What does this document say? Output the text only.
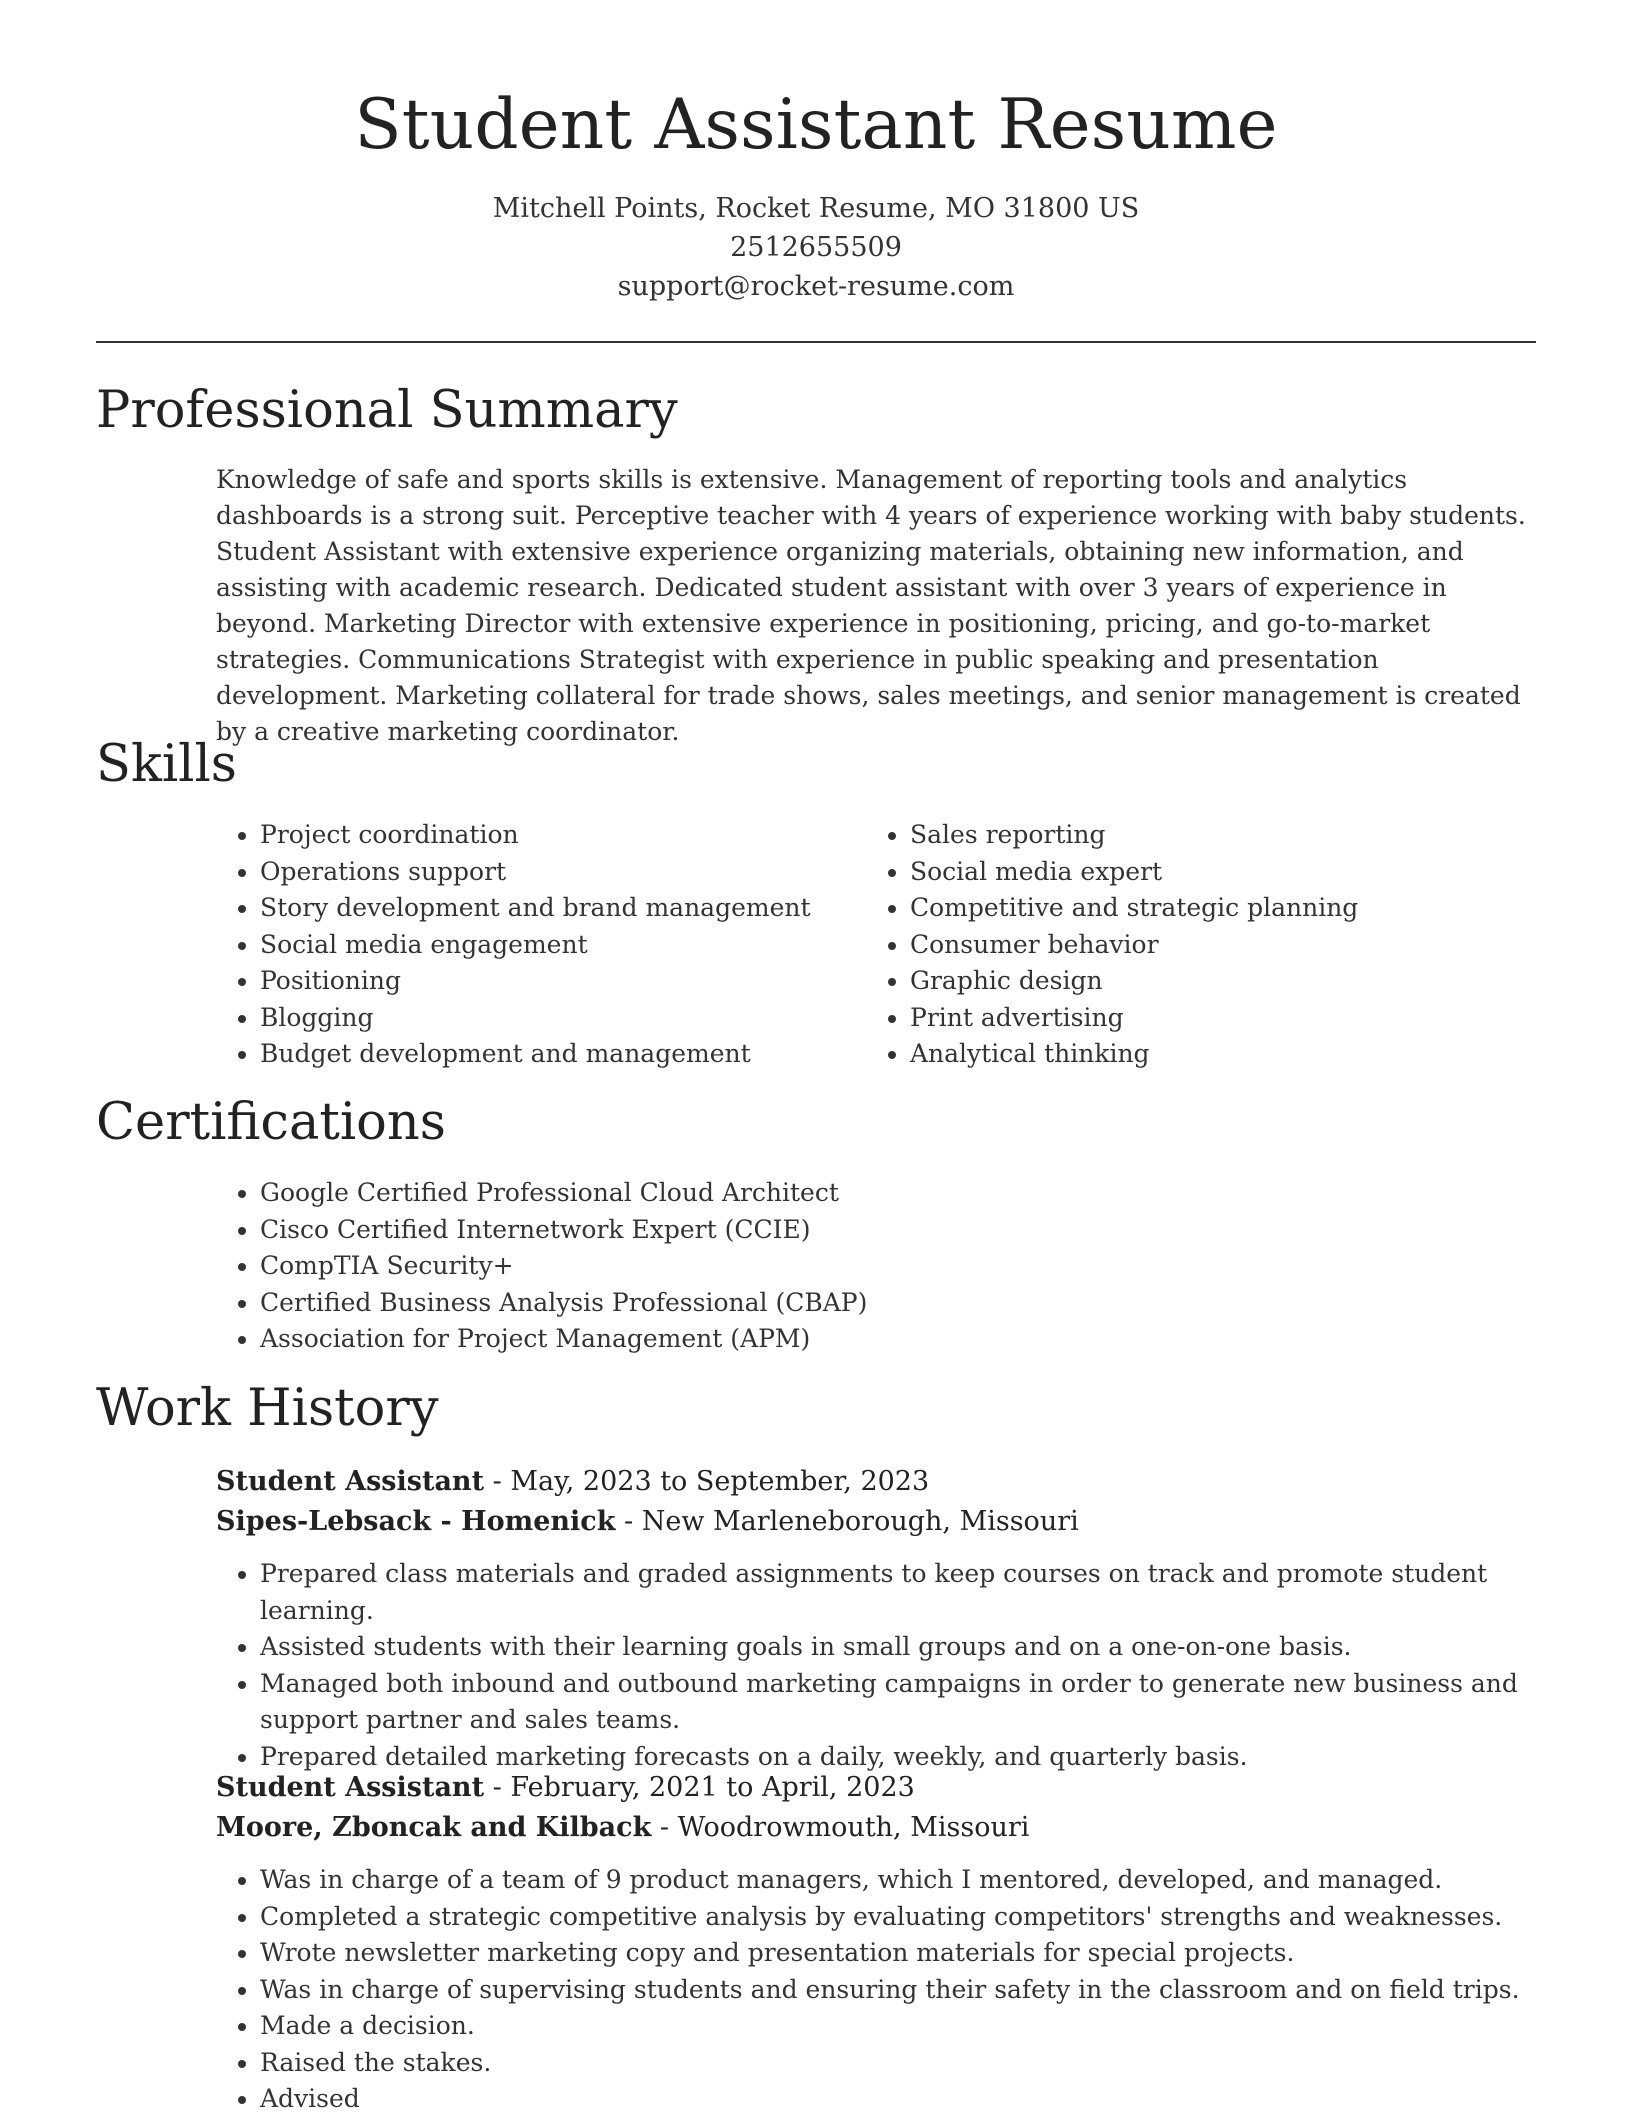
Student Assistant Resume
Mitchell Points, Rocket Resume, MO 31800 US
2512655509
support@rocket-resume.com
Professional Summary

Knowledge of safe and sports skills is extensive. Management of reporting tools and analytics dashboards is a strong suit. Perceptive teacher with 4 years of experience working with baby students. Student Assistant with extensive experience organizing materials, obtaining new information, and assisting with academic research. Dedicated student assistant with over 3 years of experience in beyond. Marketing Director with extensive experience in positioning, pricing, and go-to-market strategies. Communications Strategist with experience in public speaking and presentation development. Marketing collateral for trade shows, sales meetings, and senior management is created by a creative marketing coordinator.

Skills
• Project coordination
• Operations support
• Story development and brand management
• Social media engagement
• Positioning
• Blogging
• Budget development and management
• Sales reporting
• Social media expert
• Competitive and strategic planning
• Consumer behavior
• Graphic design
• Print advertising
• Analytical thinking
Certifications
• Google Certified Professional Cloud Architect
• Cisco Certified Internetwork Expert (CCIE)
• CompTIA Security+
• Certified Business Analysis Professional (CBAP)
• Association for Project Management (APM)
Work History
Student Assistant - May, 2023 to September, 2023
Sipes-Lebsack - Homenick - New Marleneborough, Missouri
• Prepared class materials and graded assignments to keep courses on track and promote student learning.
• Assisted students with their learning goals in small groups and on a one-on-one basis.
• Managed both inbound and outbound marketing campaigns in order to generate new business and support partner and sales teams.
• Prepared detailed marketing forecasts on a daily, weekly, and quarterly basis.
Student Assistant - February, 2021 to April, 2023
Moore, Zboncak and Kilback - Woodrowmouth, Missouri
• Was in charge of a team of 9 product managers, which I mentored, developed, and managed.
• Completed a strategic competitive analysis by evaluating competitors' strengths and weaknesses.
• Wrote newsletter marketing copy and presentation materials for special projects.
• Was in charge of supervising students and ensuring their safety in the classroom and on field trips.
• Made a decision.
• Raised the stakes.
• Advised
